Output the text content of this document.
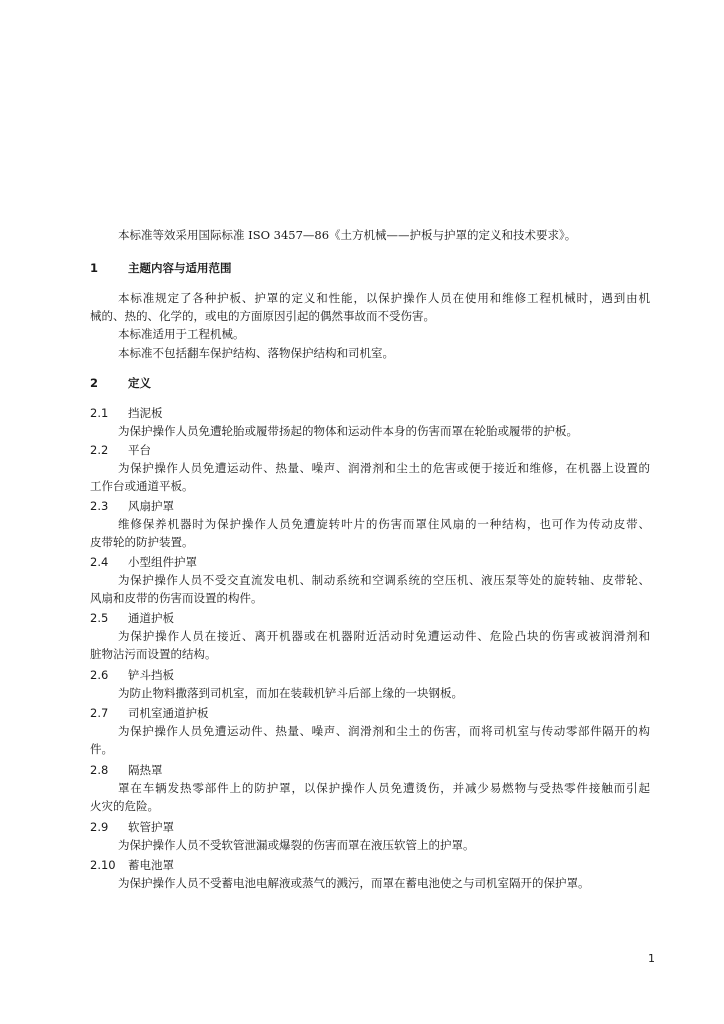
本标准等效采用国际标准 ISO 3457—86《土方机械——护板与护罩的定义和技术要求》。
1	主题内容与适用范围
本标准规定了各种护板、护罩的定义和性能，以保护操作人员在使用和维修工程机械时，遇到由机
械的、热的、化学的，或电的方面原因引起的偶然事故而不受伤害。
本标准适用于工程机械。
本标准不包括翻车保护结构、落物保护结构和司机室。
2	定义
2.1 挡泥板
为保护操作人员免遭轮胎或履带扬起的物体和运动件本身的伤害而罩在轮胎或履带的护板。
2.2 平台
为保护操作人员免遭运动件、热量、噪声、润滑剂和尘土的危害或便于接近和维修，在机器上设置的
工作台或通道平板。
2.3 风扇护罩
维修保养机器时为保护操作人员免遭旋转叶片的伤害而罩住风扇的一种结构，也可作为传动皮带、
皮带轮的防护装置。
2.4 小型组件护罩
为保护操作人员不受交直流发电机、制动系统和空调系统的空压机、液压泵等处的旋转轴、皮带轮、
风扇和皮带的伤害而设置的构件。
2.5 通道护板
为保护操作人员在接近、离开机器或在机器附近活动时免遭运动件、危险凸块的伤害或被润滑剂和
脏物沾污而设置的结构。
2.6 铲斗挡板
为防止物料撒落到司机室，而加在装载机铲斗后部上缘的一块钢板。
2.7 司机室通道护板
为保护操作人员免遭运动件、热量、噪声、润滑剂和尘土的伤害，而将司机室与传动零部件隔开的构
件。
2.8 隔热罩
罩在车辆发热零部件上的防护罩，以保护操作人员免遭烫伤，并减少易燃物与受热零件接触而引起
火灾的危险。
2.9 软管护罩
为保护操作人员不受软管泄漏或爆裂的伤害而罩在液压软管上的护罩。
2.10 蓄电池罩
为保护操作人员不受蓄电池电解液或蒸气的溅污，而罩在蓄电池使之与司机室隔开的保护罩。
1
